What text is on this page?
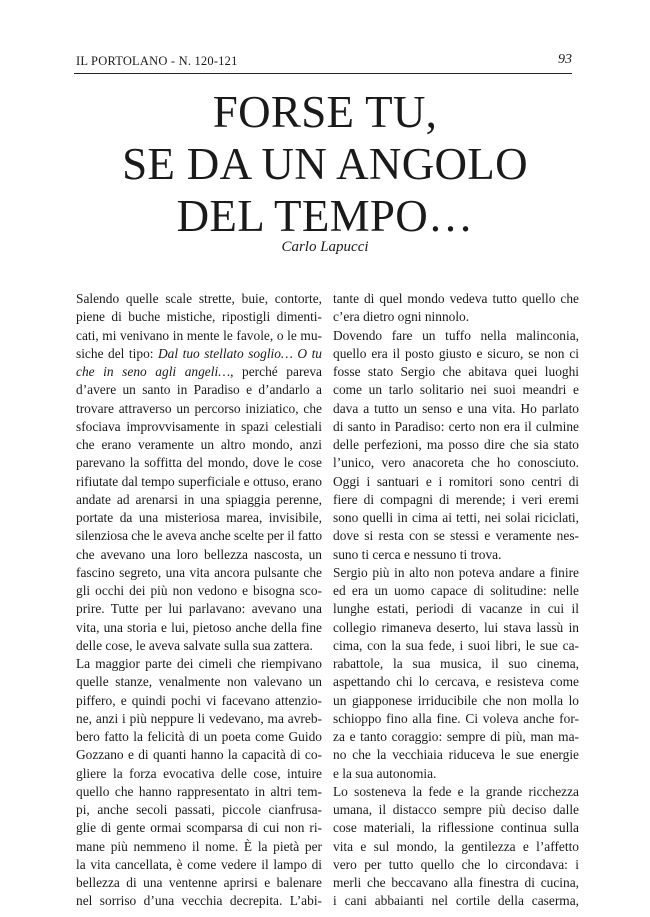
IL PORTOLANO - N. 120-121	93
FORSE TU,
SE DA UN ANGOLO
DEL TEMPO…
Carlo Lapucci
Salendo quelle scale strette, buie, contorte,
piene di buche mistiche, ripostigli dimenti-
cati, mi venivano in mente le favole, o le mu-
siche del tipo: Dal tuo stellato soglio… O tu
che in seno agli angeli…, perché pareva
d’avere un santo in Paradiso e d’andarlo a
trovare attraverso un percorso iniziatico, che
sfociava improvvisamente in spazi celestiali
che erano veramente un altro mondo, anzi
parevano la soffitta del mondo, dove le cose
rifiutate dal tempo superficiale e ottuso, erano
andate ad arenarsi in una spiaggia perenne,
portate da una misteriosa marea, invisibile,
silenziosa che le aveva anche scelte per il fatto
che avevano una loro bellezza nascosta, un
fascino segreto, una vita ancora pulsante che
gli occhi dei più non vedono e bisogna sco-
prire. Tutte per lui parlavano: avevano una
vita, una storia e lui, pietoso anche della fine
delle cose, le aveva salvate sulla sua zattera.
La maggior parte dei cimeli che riempivano
quelle stanze, venalmente non valevano un
piffero, e quindi pochi vi facevano attenzio-
ne, anzi i più neppure li vedevano, ma avreb-
bero fatto la felicità di un poeta come Guido
Gozzano e di quanti hanno la capacità di co-
gliere la forza evocativa delle cose, intuire
quello che hanno rappresentato in altri tem-
pi, anche secoli passati, piccole cianfrusa-
glie di gente ormai scomparsa di cui non ri-
mane più nemmeno il nome. È la pietà per
la vita cancellata, è come vedere il lampo di
bellezza di una ventenne aprirsi e balenare
nel sorriso d’una vecchia decrepita. L’abi-
tante di quel mondo vedeva tutto quello che
c’era dietro ogni ninnolo.
Dovendo fare un tuffo nella malinconia,
quello era il posto giusto e sicuro, se non ci
fosse stato Sergio che abitava quei luoghi
come un tarlo solitario nei suoi meandri e
dava a tutto un senso e una vita. Ho parlato
di santo in Paradiso: certo non era il culmine
delle perfezioni, ma posso dire che sia stato
l’unico, vero anacoreta che ho conosciuto.
Oggi i santuari e i romitori sono centri di
fiere di compagni di merende; i veri eremi
sono quelli in cima ai tetti, nei solai riciclati,
dove si resta con se stessi e veramente nes-
suno ti cerca e nessuno ti trova.
Sergio più in alto non poteva andare a finire
ed era un uomo capace di solitudine: nelle
lunghe estati, periodi di vacanze in cui il
collegio rimaneva deserto, lui stava lassù in
cima, con la sua fede, i suoi libri, le sue ca-
rabattole, la sua musica, il suo cinema,
aspettando chi lo cercava, e resisteva come
un giapponese irriducibile che non molla lo
schioppo fino alla fine. Ci voleva anche for-
za e tanto coraggio: sempre di più, man ma-
no che la vecchiaia riduceva le sue energie
e la sua autonomia.
Lo sosteneva la fede e la grande ricchezza
umana, il distacco sempre più deciso dalle
cose materiali, la riflessione continua sulla
vita e sul mondo, la gentilezza e l’affetto
vero per tutto quello che lo circondava: i
merli che beccavano alla finestra di cucina,
i cani abbaianti nel cortile della caserma,
